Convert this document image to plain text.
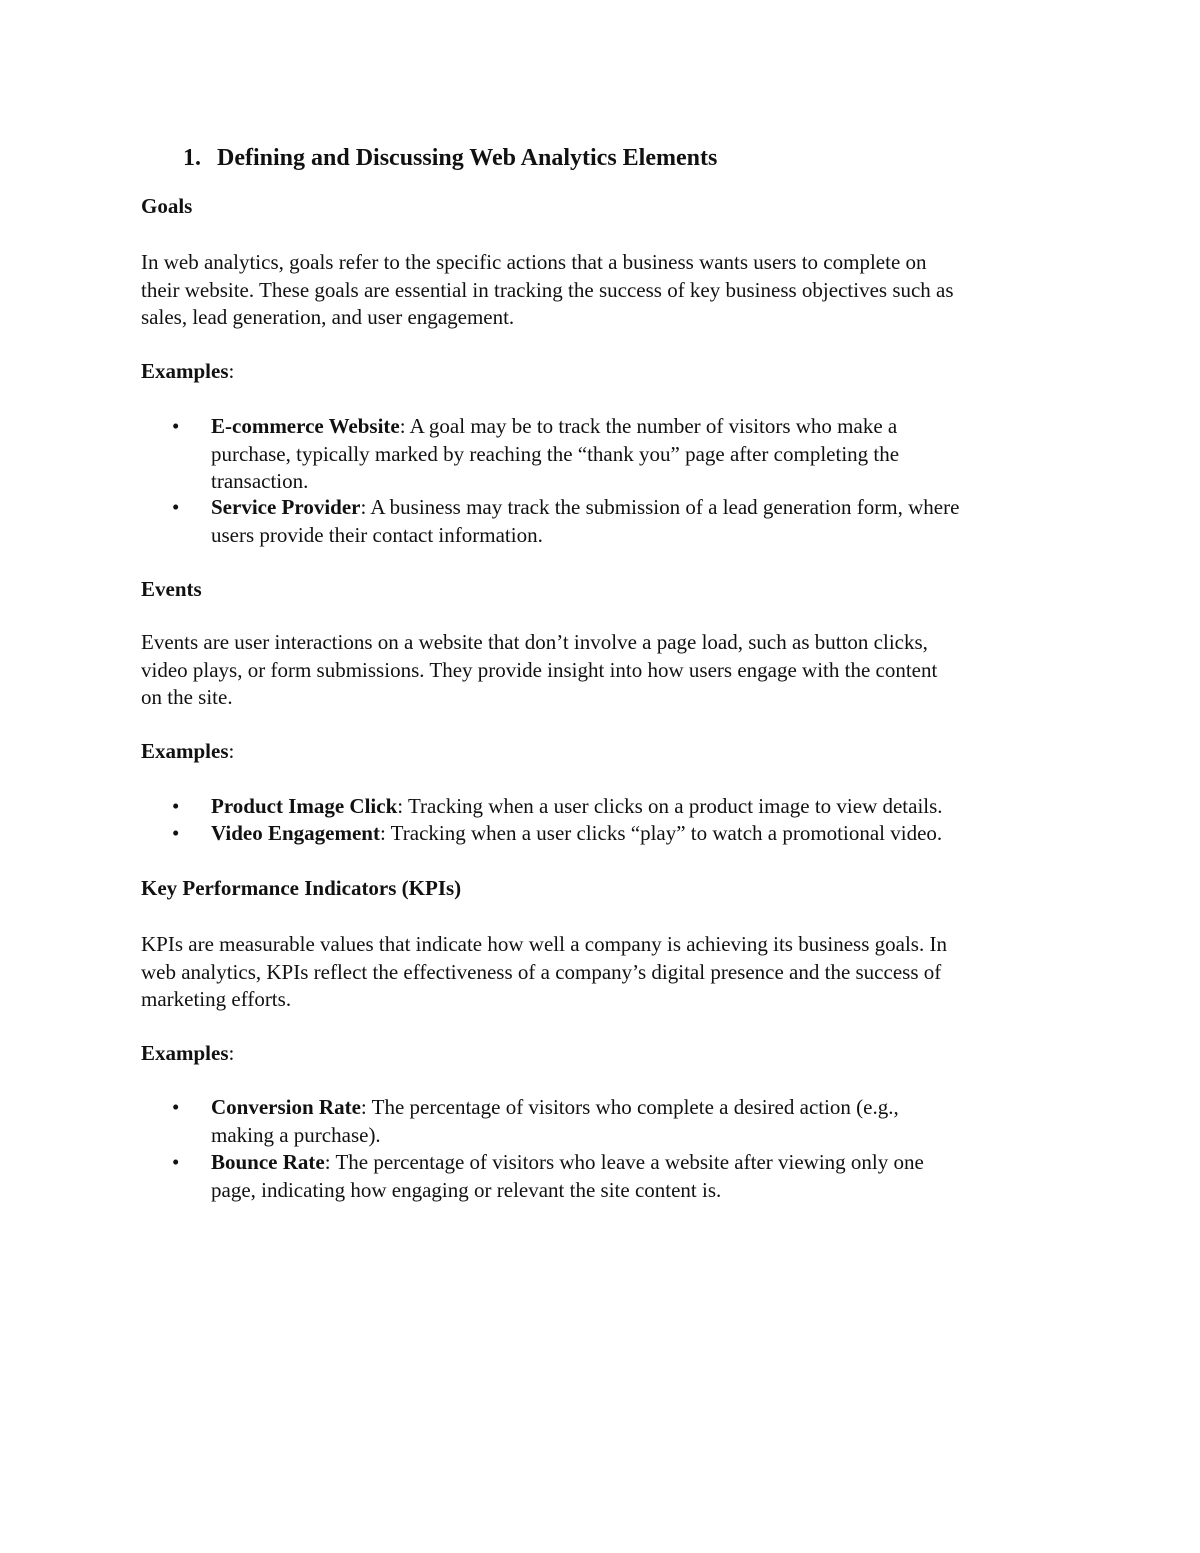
1. Defining and Discussing Web Analytics Elements
Goals
In web analytics, goals refer to the specific actions that a business wants users to complete on
their website. These goals are essential in tracking the success of key business objectives such as
sales, lead generation, and user engagement.
Examples:
• E-commerce Website: A goal may be to track the number of visitors who make a
purchase, typically marked by reaching the “thank you” page after completing the
transaction.
• Service Provider: A business may track the submission of a lead generation form, where
users provide their contact information.
Events
Events are user interactions on a website that don’t involve a page load, such as button clicks,
video plays, or form submissions. They provide insight into how users engage with the content
on the site.
Examples:
• Product Image Click: Tracking when a user clicks on a product image to view details.
• Video Engagement: Tracking when a user clicks “play” to watch a promotional video.
Key Performance Indicators (KPIs)
KPIs are measurable values that indicate how well a company is achieving its business goals. In
web analytics, KPIs reflect the effectiveness of a company’s digital presence and the success of
marketing efforts.
Examples:
• Conversion Rate: The percentage of visitors who complete a desired action (e.g.,
making a purchase).
• Bounce Rate: The percentage of visitors who leave a website after viewing only one
page, indicating how engaging or relevant the site content is.
